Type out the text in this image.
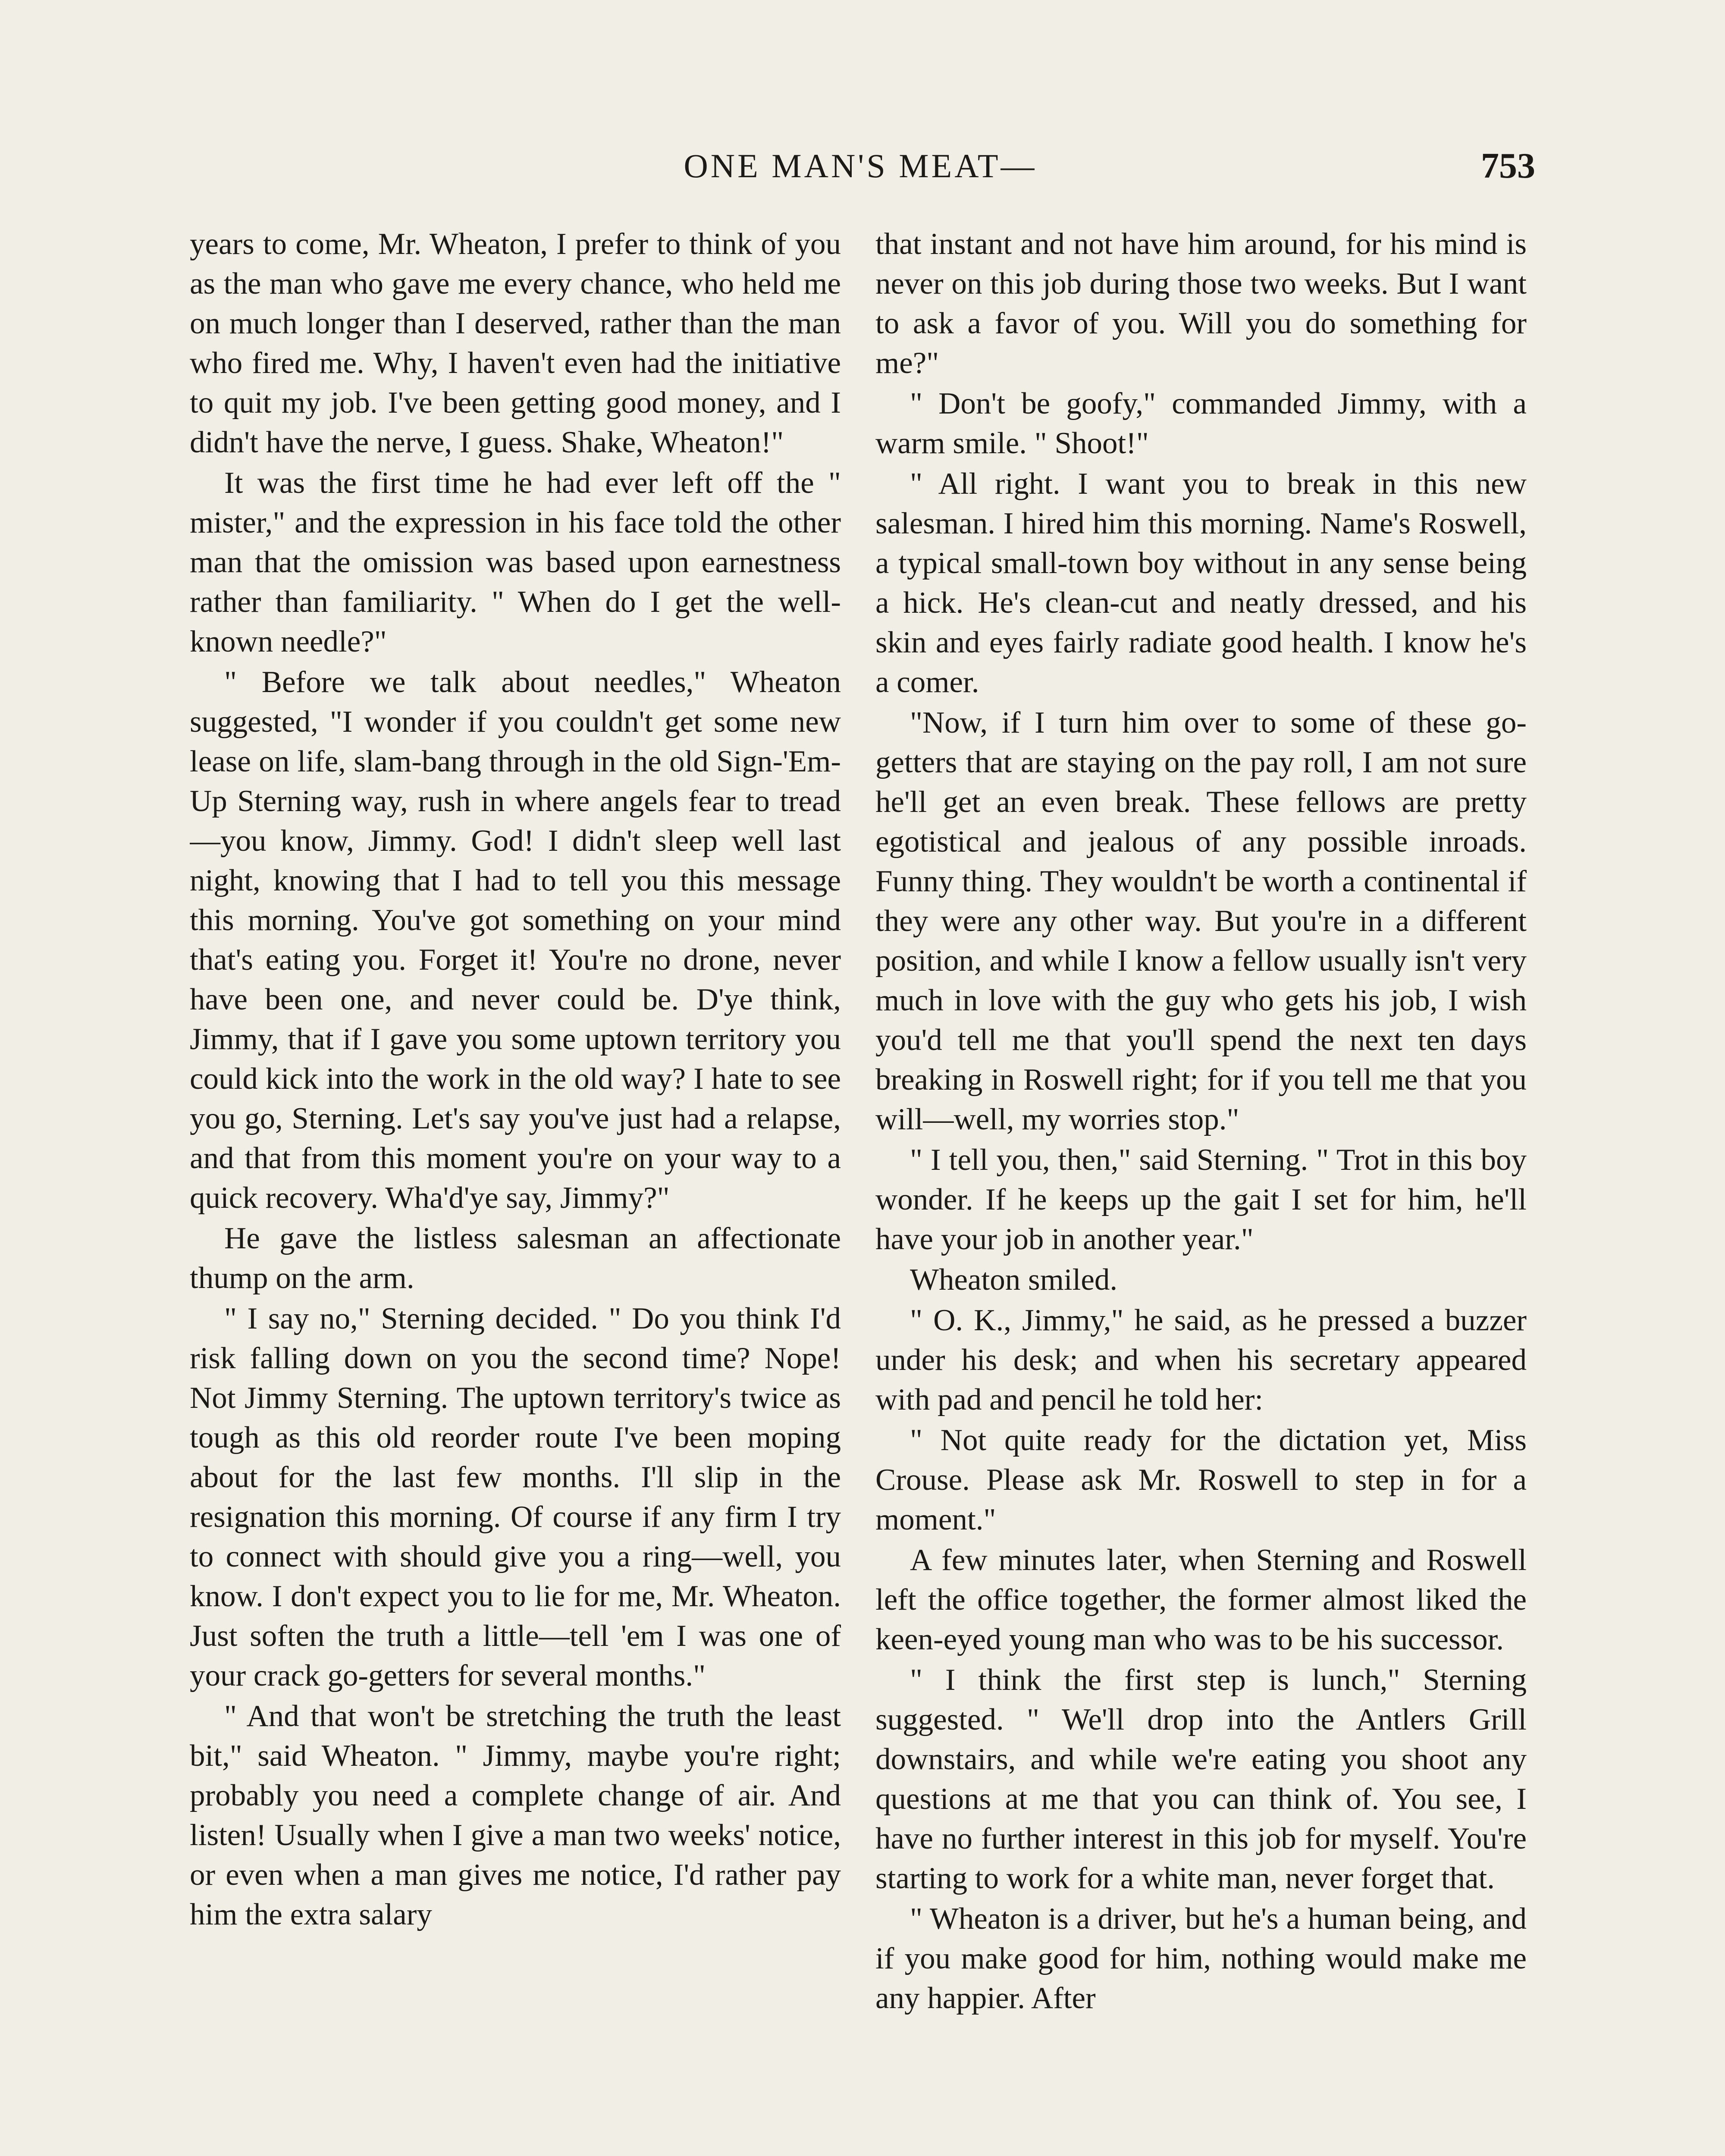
ONE MAN'S MEAT—	753

years to come, Mr. Wheaton, I prefer to think of you as the man who gave me every chance, who held me on much longer than I deserved, rather than the man who fired me. Why, I haven't even had the initiative to quit my job. I've been getting good money, and I didn't have the nerve, I guess. Shake, Wheaton!"

It was the first time he had ever left off the " mister," and the expression in his face told the other man that the omission was based upon earnestness rather than familiarity. " When do I get the well-known needle?"

" Before we talk about needles," Wheaton suggested, "I wonder if you couldn't get some new lease on life, slam-bang through in the old Sign-'Em-Up Sterning way, rush in where angels fear to tread—you know, Jimmy. God! I didn't sleep well last night, knowing that I had to tell you this message this morning. You've got something on your mind that's eating you. Forget it! You're no drone, never have been one, and never could be. D'ye think, Jimmy, that if I gave you some uptown territory you could kick into the work in the old way? I hate to see you go, Sterning. Let's say you've just had a relapse, and that from this moment you're on your way to a quick recovery. Wha'd'ye say, Jimmy?"

He gave the listless salesman an affectionate thump on the arm.

" I say no," Sterning decided. " Do you think I'd risk falling down on you the second time? Nope! Not Jimmy Sterning. The uptown territory's twice as tough as this old reorder route I've been moping about for the last few months. I'll slip in the resignation this morning. Of course if any firm I try to connect with should give you a ring—well, you know. I don't expect you to lie for me, Mr. Wheaton. Just soften the truth a little—tell 'em I was one of your crack go-getters for several months."

" And that won't be stretching the truth the least bit," said Wheaton. " Jimmy, maybe you're right; probably you need a complete change of air. And listen! Usually when I give a man two weeks' notice, or even when a man gives me notice, I'd rather pay him the extra salary

that instant and not have him around, for his mind is never on this job during those two weeks. But I want to ask a favor of you. Will you do something for me?"

" Don't be goofy," commanded Jimmy, with a warm smile. " Shoot!"

" All right. I want you to break in this new salesman. I hired him this morning. Name's Roswell, a typical small-town boy without in any sense being a hick. He's clean-cut and neatly dressed, and his skin and eyes fairly radiate good health. I know he's a comer.

"Now, if I turn him over to some of these go-getters that are staying on the pay roll, I am not sure he'll get an even break. These fellows are pretty egotistical and jealous of any possible inroads. Funny thing. They wouldn't be worth a continental if they were any other way. But you're in a different position, and while I know a fellow usually isn't very much in love with the guy who gets his job, I wish you'd tell me that you'll spend the next ten days breaking in Roswell right; for if you tell me that you will—well, my worries stop."

" I tell you, then," said Sterning. " Trot in this boy wonder. If he keeps up the gait I set for him, he'll have your job in another year."

Wheaton smiled.

" O. K., Jimmy," he said, as he pressed a buzzer under his desk; and when his secretary appeared with pad and pencil he told her:

" Not quite ready for the dictation yet, Miss Crouse. Please ask Mr. Roswell to step in for a moment."

A few minutes later, when Sterning and Roswell left the office together, the former almost liked the keen-eyed young man who was to be his successor.

" I think the first step is lunch," Sterning suggested. " We'll drop into the Antlers Grill downstairs, and while we're eating you shoot any questions at me that you can think of. You see, I have no further interest in this job for myself. You're starting to work for a white man, never forget that.

" Wheaton is a driver, but he's a human being, and if you make good for him, nothing would make me any happier. After
